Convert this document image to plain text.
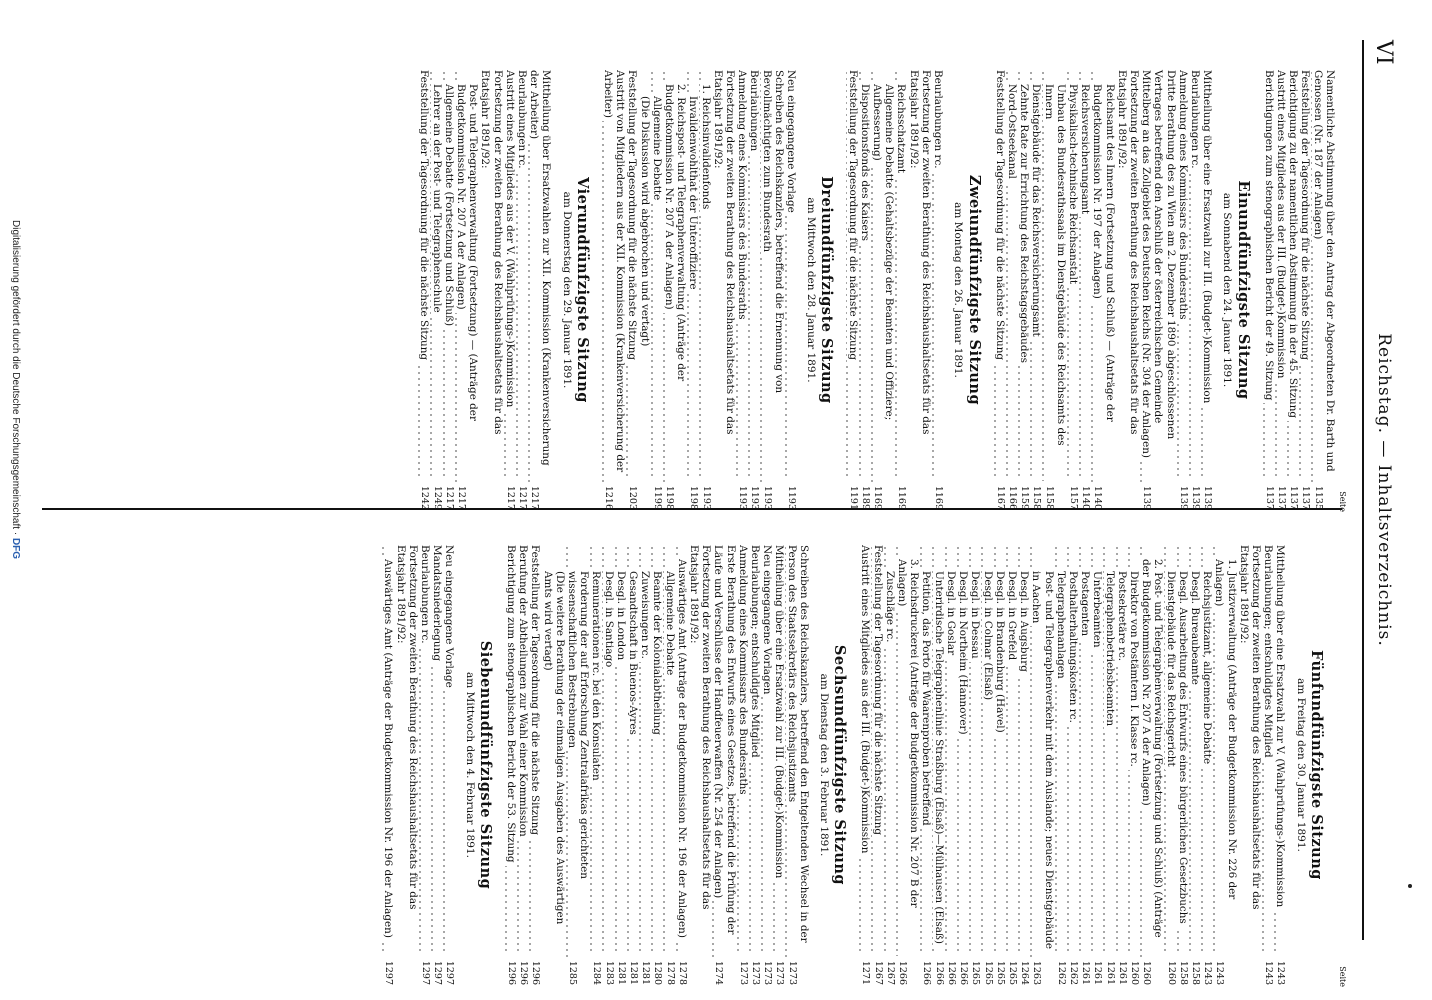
VI
Reichstag. — Inhaltsverzeichnis.
Seite
Namentliche Abstimmung über den Antrag der Abgeordneten Dr. Barth und Genossen (Nr. 187 der Anlagen)
1135
Feststellung der Tagesordnung für die nächste Sitzung
1137
Berichtigung zu der namentlichen Abstimmung in der 45. Sitzung
1137
Austritt eines Mitgliedes aus der III. (Budget-)Kommission
1137
Berichtigungen zum stenographischen Bericht der 49. Sitzung
1137
Einundfünfzigste Sitzung
am Sonnabend den 24. Januar 1891.
Mittheilung über eine Ersatzwahl zur III. (Budget-)Kommission
1139
Beurlaubungen rc.
1139
Anmeldung eines Kommissars des Bundesraths
1139
Dritte Berathung des zu Wien am 2. Dezember 1890 abgeschlossenen Vertrages betreffend den Anschluß der österreichischen Gemeinde Mittelberg an das Zollgebiet des Deutschen Reichs (Nr. 304 der Anlagen)
1139
Fortsetzung der zweiten Berathung des Reichshaushaltsetats für das Etatsjahr 1891/92:
Reichsamt des Innern (Fortsetzung und Schluß) — (Anträge der Budgetkommission Nr. 197 der Anlagen)
1140
Reichsversicherungsamt
1140
Physikalisch-technische Reichsanstalt
1157
Umbau des Bundesrathssaals im Dienstgebäude des Reichsamts des Innern
1158
Dienstgebäude für das Reichsversicherungsamt
1158
Zehnte Rate zur Errichtung des Reichstagsgebäudes
1159
Nord-Ostseekanal
1166
Feststellung der Tagesordnung für die nächste Sitzung
1167
Zweiundfünfzigste Sitzung
am Montag den 26. Januar 1891.
Beurlaubungen rc.
1169
Fortsetzung der zweiten Berathung des Reichshaushaltsetats für das Etatsjahr 1891/92:
Reichsschatzamt
1169
Allgemeine Debatte (Gehaltsbezüge der Beamten und Offiziere; Aufbesserung)
1169
Dispositionsfonds des Kaisers
1189
Feststellung der Tagesordnung für die nächste Sitzung
1191
Dreiundfünfzigste Sitzung
am Mittwoch den 28. Januar 1891.
Neu eingegangene Vorlage
1193
Schreiben des Reichskanzlers, betreffend die Ernennung von Bevollmächtigten zum Bundesrath
1193
Beurlaubungen
1193
Anmeldung eines Kommissars des Bundesraths
1193
Fortsetzung der zweiten Berathung des Reichshaushaltsetats für das Etatsjahr 1891/92:
1. Reichsinvalidenfonds
1193
Invalidenwohlthat der Unteroffiziere
1198
2. Reichspost- und Telegraphenverwaltung (Anträge der Budgetkommission Nr. 207 A der Anlagen)
1198
Allgemeine Debatte
1199
(Die Diskussion wird abgebrochen und vertagt)
Feststellung der Tagesordnung für die nächste Sitzung
1203
Austritt von Mitgliedern aus der XII. Kommission (Krankenversicherung der Arbeiter)
1216
Vierundfünfzigste Sitzung
am Donnerstag den 29. Januar 1891.
Mittheilung über Ersatzwahlen zur XII. Kommission (Krankenversicherung der Arbeiter)
1217
Beurlaubungen rc.
1217
Austritt eines Mitgliedes aus der V. (Wahlprüfungs-)Kommission
1217
Fortsetzung der zweiten Berathung des Reichshaushaltsetats für das Etatsjahr 1891/92:
Post- und Telegraphenverwaltung (Fortsetzung) — (Anträge der Budgetkommission Nr. 207 A der Anlagen)
1217
Allgemeine Debatte (Fortsetzung und Schluß)
1217
Lehrer an der Post- und Telegraphenschule
1249
Feststellung der Tagesordnung für die nächste Sitzung
1242
Seite
Fünfundfünfzigste Sitzung
am Freitag den 30. Januar 1891.
Mittheilung über eine Ersatzwahl zur V. (Wahlprüfungs-)Kommission
1243
Beurlaubungen; entschuldigtes Mitglied
1243
Fortsetzung der zweiten Berathung des Reichshaushaltsetats für das Etatsjahr 1891/92:
1. Justizverwaltung (Anträge der Budgetkommission Nr. 226 der Anlagen)
1243
Reichsjustizamt, allgemeine Debatte
1243
Desgl. Bureaubeamte
1258
Desgl. Ausarbeitung des Entwurfs eines bürgerlichen Gesetzbuchs
1258
Dienstgebäude für das Reichsgericht
1260
2. Post- und Telegraphenverwaltung (Fortsetzung und Schluß) (Anträge der Budgetkommission Nr. 207 A der Anlagen)
1260
Direktor von Postämtern I. Klasse rc.
1260
Postsekretäre rc.
1261
Telegraphenbetriebsbeamten
1261
Unterbeamten
1261
Postagenten
1261
Posthalterhaltungskosten rc.
1262
Telegraphenanlagen
1262
Post- und Telegraphenverkehr mit dem Auslande; neues Dienstgebäude in Aachen
1263
Desgl. in Augsburg
1264
Desgl. in Grefeld
1265
Desgl. in Brandenburg (Havel)
1265
Desgl. in Colmar (Elsaß)
1265
Desgl. in Dessau
1265
Desgl. in Northeim (Hannover)
1266
Desgl. in Goslar
1266
Unterirdische Telegraphenlinie Straßburg (Elsaß)—Mülhausen (Elsaß)
1266
Petition, das Porto für Waarenproben betreffend
1266
3. Reichsdruckerei (Anträge der Budgetkommission Nr. 207 B der Anlagen)
1266
Zuschläge rc.
1267
Feststellung der Tagesordnung für die nächste Sitzung
1267
Austritt eines Mitgliedes aus der III. (Budget-)Kommission
1271
Sechsundfünfzigste Sitzung
am Dienstag den 3. Februar 1891.
Schreiben des Reichskanzlers, betreffend den Entgeltenden Wechsel in der Person des Staatssekretärs des Reichsjustizamts
1273
Mittheilung über eine Ersatzwahl zur III. (Budget-)Kommission
1273
Neu eingegangene Vorlagen
1273
Beurlaubungen; entschuldigtes Mitglied
1273
Anmeldung eines Kommissars des Bundesraths
1273
Erste Berathung des Entwurfs eines Gesetzes, betreffend die Prüfung der Läufe und Verschlüsse der Handfeuerwaffen (Nr. 254 der Anlagen)
1274
Fortsetzung der zweiten Berathung des Reichshaushaltsetats für das Etatsjahr 1891/92:
Auswärtiges Amt (Anträge der Budgetkommission Nr. 196 der Anlagen)
1278
Allgemeine Debatte
1278
Beamte der Kolonialabtheilung
1280
Zuweisungen rc.
1281
Gesandtschaft in Buenos-Ayres
1281
Desgl. in London
1281
Desgl. in Santiago
1283
Remunerationen rc. bei den Konsulaten
1284
Forderung der auf Erforschung Zentralafrikas gerichteten wissenschaftlichen Bestrebungen
1285
(Die weitere Berathung der einmaligen Ausgaben des Auswärtigen Amts wird vertagt)
Feststellung der Tagesordnung für die nächste Sitzung
1296
Berufung der Abtheilungen zur Wahl einer Kommission
1296
Berichtigung zum stenographischen Bericht der 53. Sitzung
1296
Siebenundfünfzigste Sitzung
am Mittwoch den 4. Februar 1891.
Neu eingegangene Vorlage
1297
Mandatsniederlegung
1297
Beurlaubungen rc.
1297
Fortsetzung der zweiten Berathung des Reichshaushaltsetats für das Etatsjahr 1891/92:
Auswärtiges Amt (Anträge der Budgetkommission Nr. 196 der Anlagen)
1297
Digitalisierung gefördert durch die Deutsche Forschungsgemeinschaft · DFG
